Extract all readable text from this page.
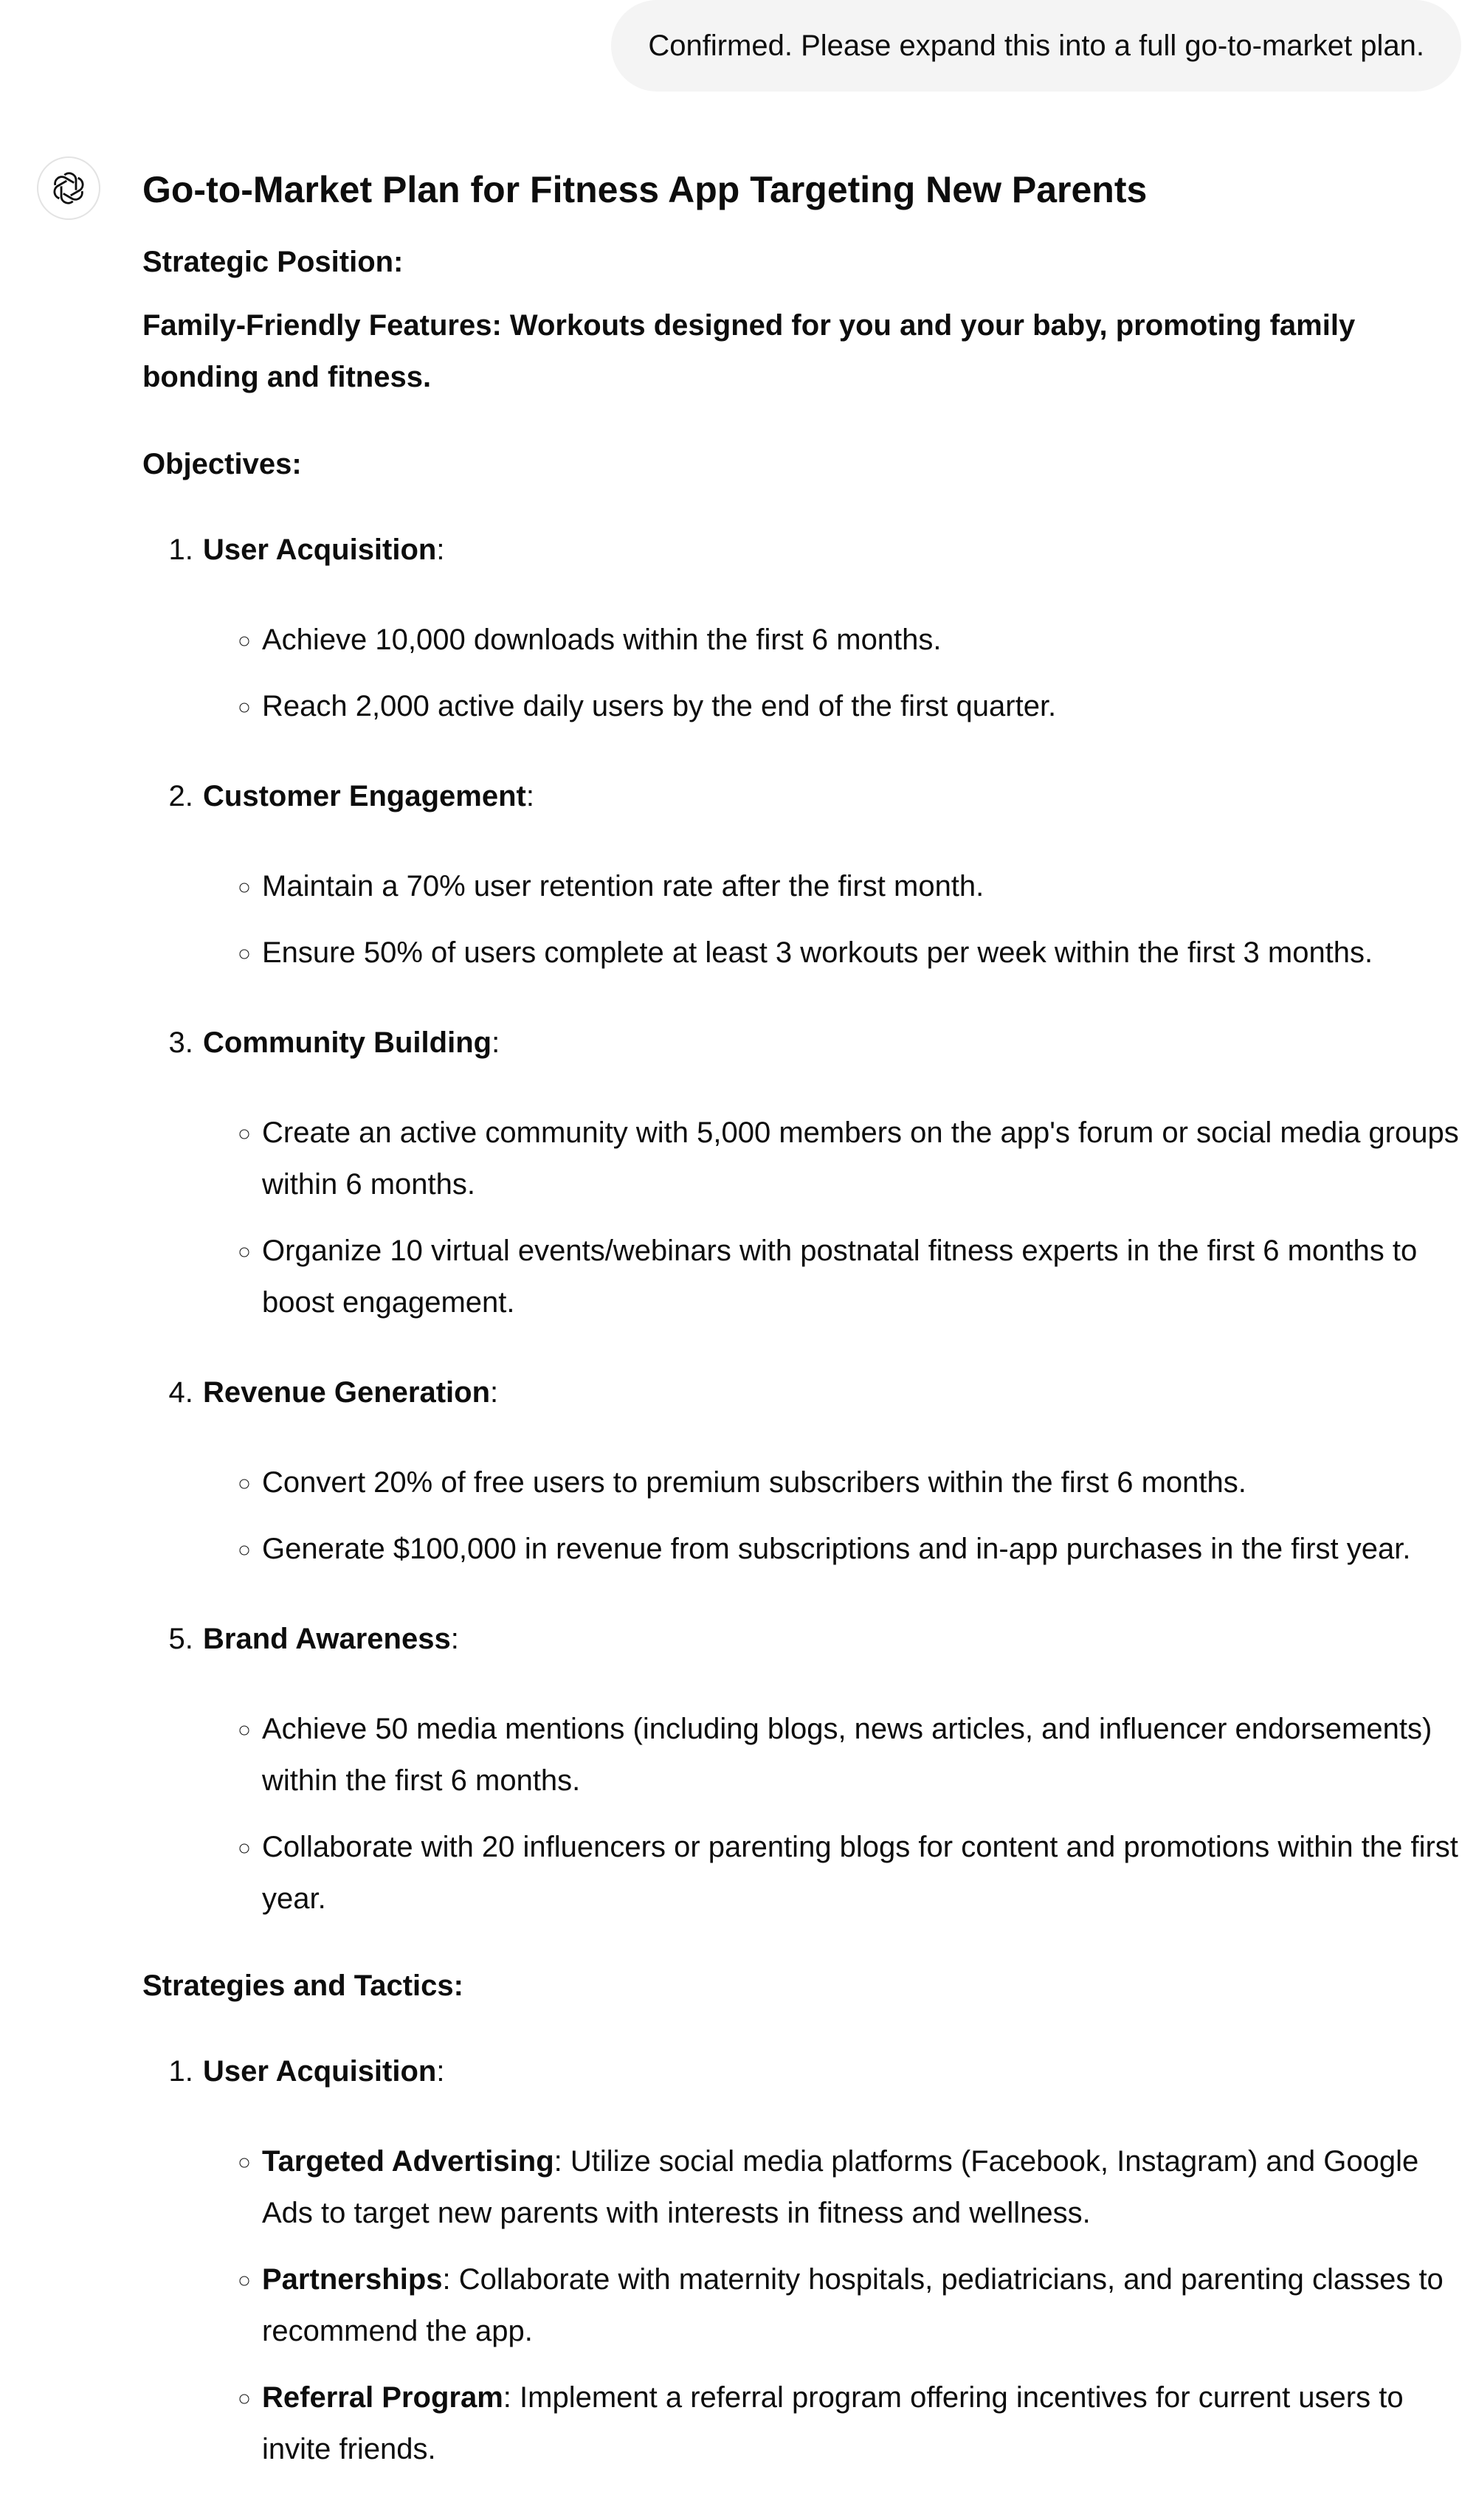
Confirmed. Please expand this into a full go-to-market plan.
Go-to-Market Plan for Fitness App Targeting New Parents

Strategic Position:

Family-Friendly Features: Workouts designed for you and your baby, promoting family bonding and fitness.

Objectives:

1. User Acquisition:
◦ Achieve 10,000 downloads within the first 6 months.
◦ Reach 2,000 active daily users by the end of the first quarter.
2. Customer Engagement:
◦ Maintain a 70% user retention rate after the first month.
◦ Ensure 50% of users complete at least 3 workouts per week within the first 3 months.
3. Community Building:
◦ Create an active community with 5,000 members on the app's forum or social media groups within 6 months.
◦ Organize 10 virtual events/webinars with postnatal fitness experts in the first 6 months to boost engagement.
4. Revenue Generation:
◦ Convert 20% of free users to premium subscribers within the first 6 months.
◦ Generate $100,000 in revenue from subscriptions and in-app purchases in the first year.
5. Brand Awareness:
◦ Achieve 50 media mentions (including blogs, news articles, and influencer endorsements) within the first 6 months.
◦ Collaborate with 20 influencers or parenting blogs for content and promotions within the first year.

Strategies and Tactics:

1. User Acquisition:
◦ Targeted Advertising: Utilize social media platforms (Facebook, Instagram) and Google Ads to target new parents with interests in fitness and wellness.
◦ Partnerships: Collaborate with maternity hospitals, pediatricians, and parenting classes to recommend the app.
◦ Referral Program: Implement a referral program offering incentives for current users to invite friends.
